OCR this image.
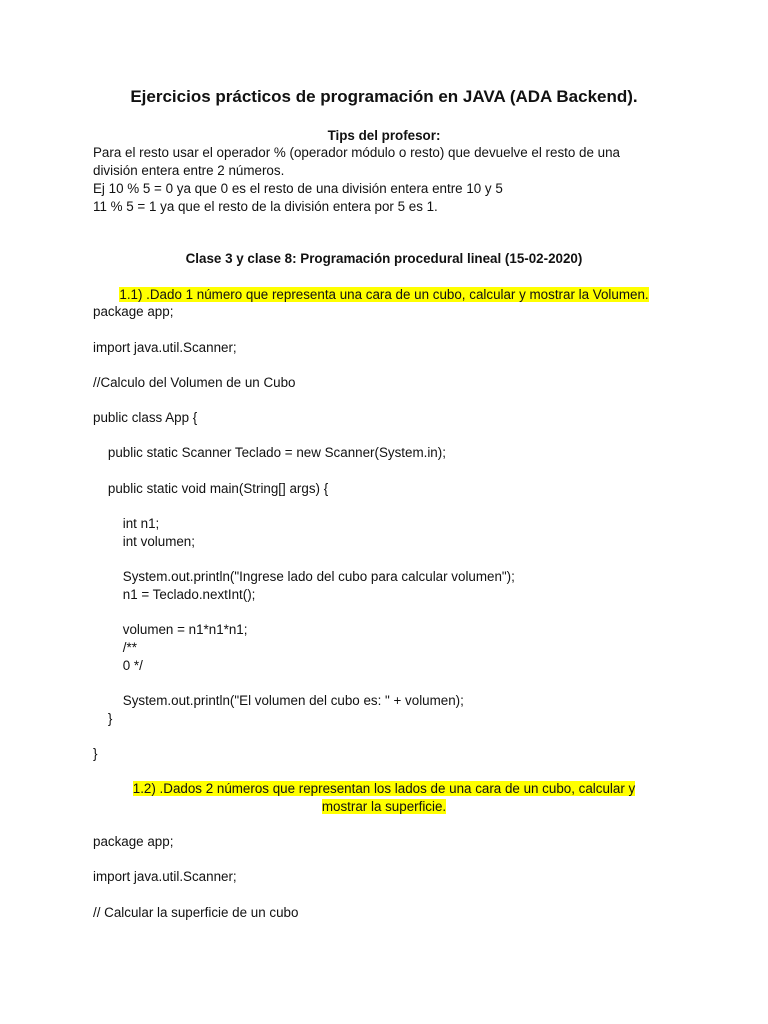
Ejercicios prácticos de programación en JAVA (ADA Backend).
Tips del profesor:
Para el resto usar el operador % (operador módulo o resto) que devuelve el resto de una
división entera entre 2 números.
Ej 10 % 5 = 0 ya que 0 es el resto de una división entera entre 10 y 5
11 % 5 = 1 ya que el resto de la división entera por 5 es 1.
Clase 3 y clase 8: Programación procedural lineal (15-02-2020)
1.1) .Dado 1 número que representa una cara de un cubo, calcular y mostrar la Volumen.
package app;
import java.util.Scanner;
//Calculo del Volumen de un Cubo
public class App {
public static Scanner Teclado = new Scanner(System.in);
public static void main(String[] args) {
int n1;
int volumen;
System.out.println("Ingrese lado del cubo para calcular volumen");
n1 = Teclado.nextInt();
volumen = n1*n1*n1;
/**
0 */
System.out.println("El volumen del cubo es: " + volumen);
}
}
1.2) .Dados 2 números que representan los lados de una cara de un cubo, calcular y
mostrar la superficie.
package app;
import java.util.Scanner;
// Calcular la superficie de un cubo
